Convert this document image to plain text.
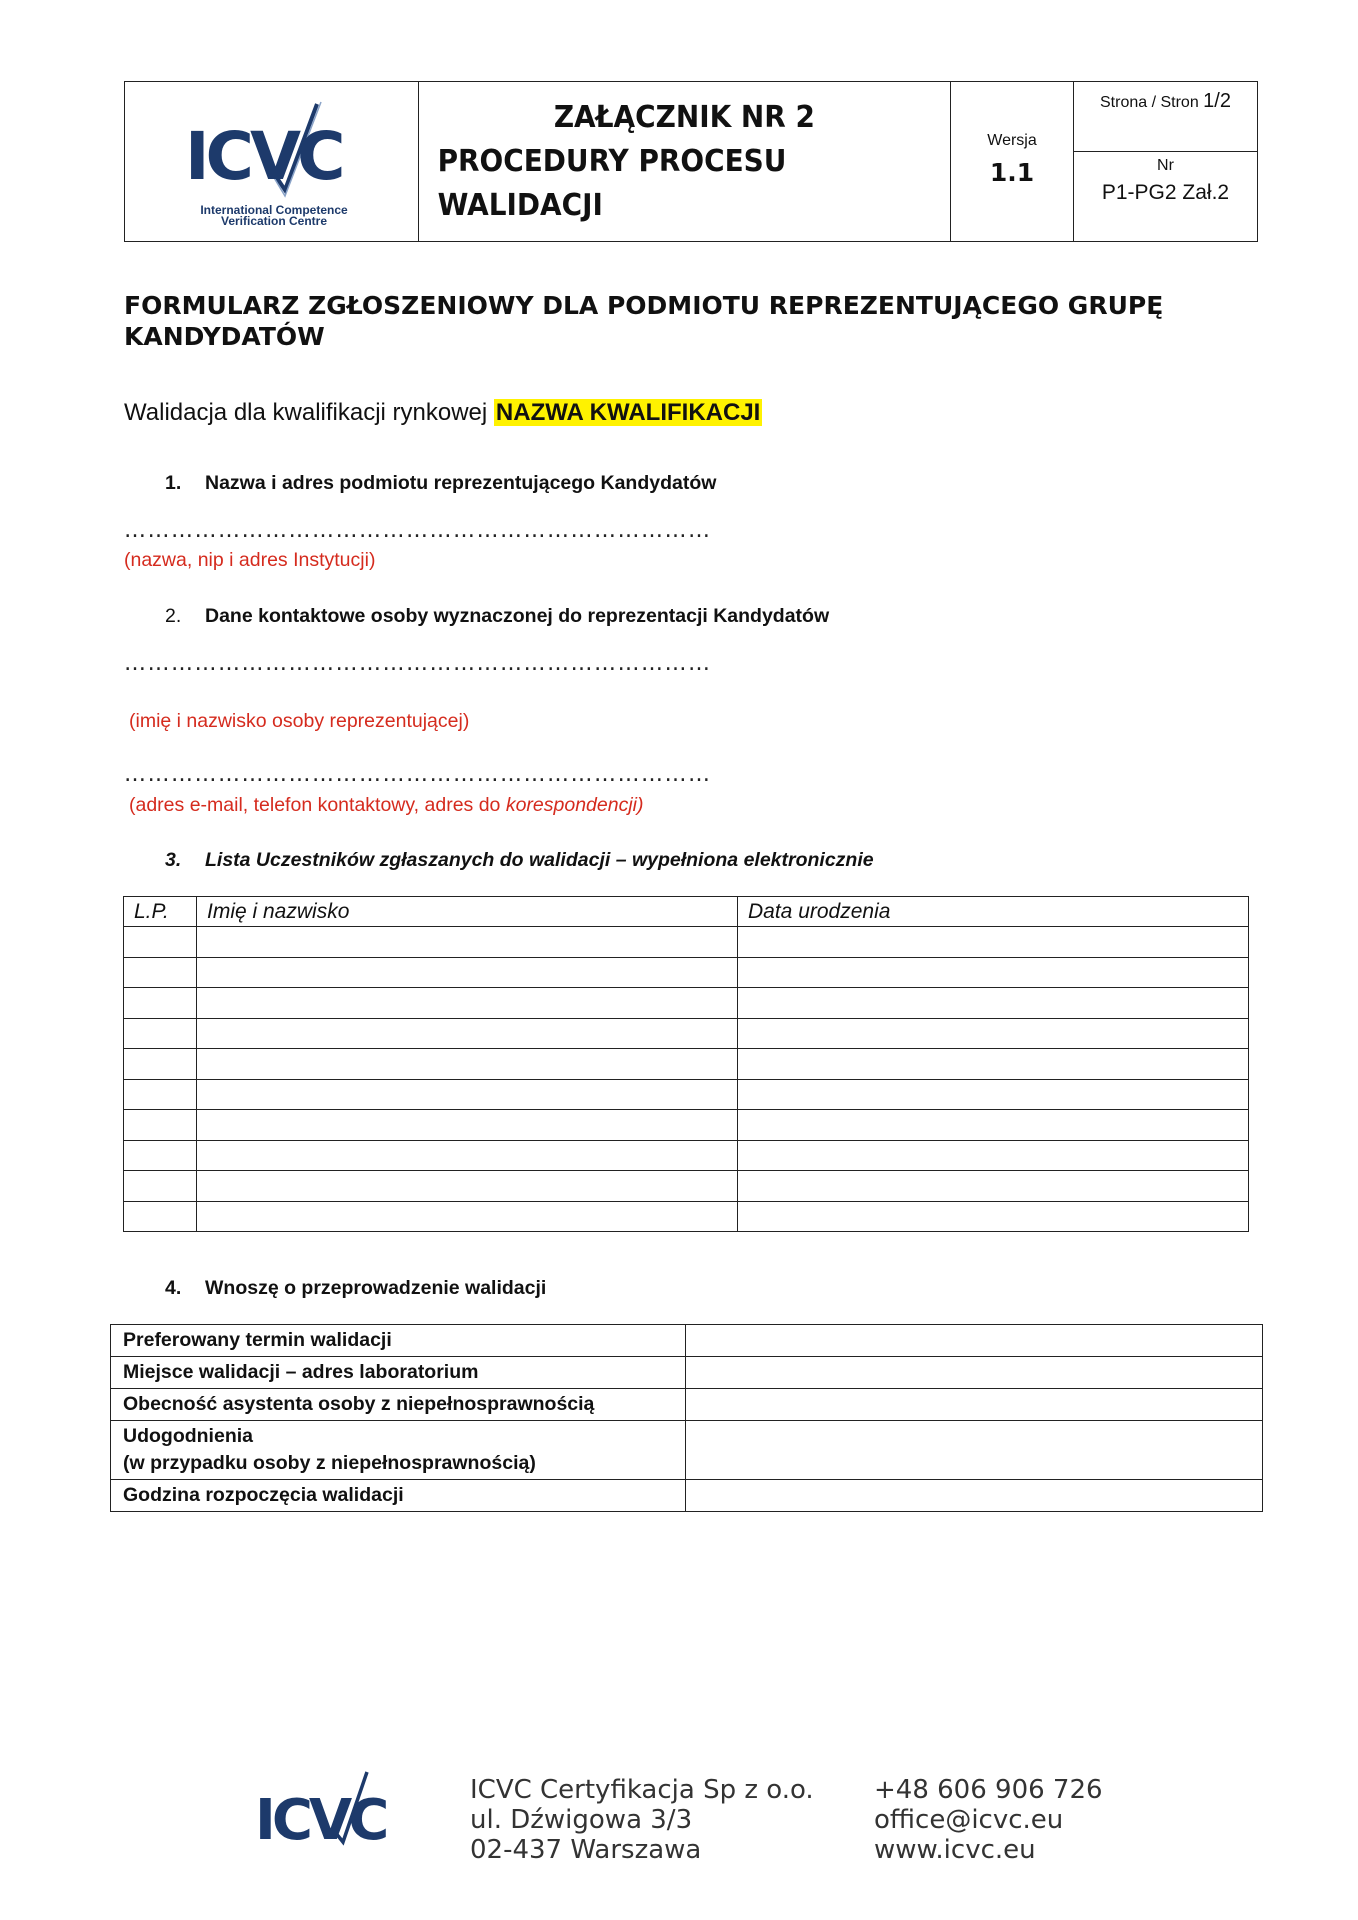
ICVC
International Competence
Verification Centre
ZAŁĄCZNIK NR 2
PROCEDURY PROCESU WALIDACJI
Wersja
1.1
Strona / Stron 1/2
Nr
P1-PG2 Zał.2
FORMULARZ ZGŁOSZENIOWY DLA PODMIOTU REPREZENTUJĄCEGO GRUPĘ
KANDYDATÓW
Walidacja dla kwalifikacji rynkowej NAZWA KWALIFIKACJI
1. Nazwa i adres podmiotu reprezentującego Kandydatów
…………………………………………………………………
(nazwa, nip i adres Instytucji)
2. Dane kontaktowe osoby wyznaczonej do reprezentacji Kandydatów
…………………………………………………………………
(imię i nazwisko osoby reprezentującej)
…………………………………………………………………
(adres e-mail, telefon kontaktowy, adres do korespondencji)
3. Lista Uczestników zgłaszanych do walidacji – wypełniona elektronicznie
L.P.	Imię i nazwisko	Data urodzenia

4. Wnoszę o przeprowadzenie walidacji
Preferowany termin walidacji	

Miejsce walidacji – adres laboratorium	

Obecność asystenta osoby z niepełnosprawnością	

Udogodnienia
(w przypadku osoby z niepełnosprawnością)	

Godzina rozpoczęcia walidacji	

ICVC	ICVC Certyfikacja Sp z o.o.
ul. Dźwigowa 3/3
02-437 Warszawa
+48 606 906 726
office@icvc.eu
www.icvc.eu
